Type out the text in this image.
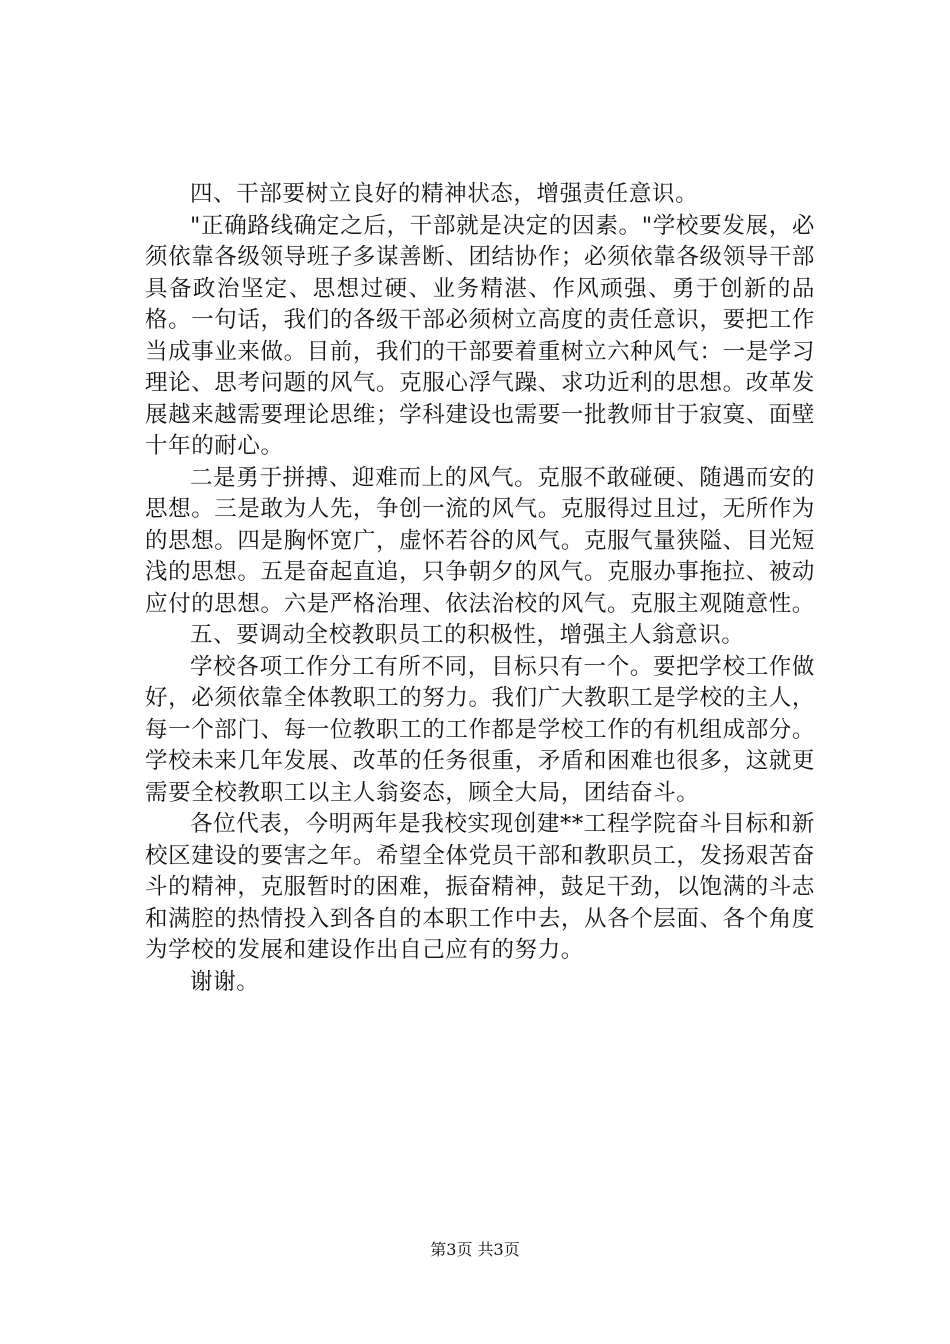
四、干部要树立良好的精神状态，增强责任意识。

"正确路线确定之后，干部就是决定的因素。"学校要发展，必须依靠各级领导班子多谋善断、团结协作；必须依靠各级领导干部具备政治坚定、思想过硬、业务精湛、作风顽强、勇于创新的品格。一句话，我们的各级干部必须树立高度的责任意识，要把工作当成事业来做。目前，我们的干部要着重树立六种风气：一是学习理论、思考问题的风气。克服心浮气躁、求功近利的思想。改革发展越来越需要理论思维；学科建设也需要一批教师甘于寂寞、面壁十年的耐心。

二是勇于拼搏、迎难而上的风气。克服不敢碰硬、随遇而安的思想。三是敢为人先，争创一流的风气。克服得过且过，无所作为的思想。四是胸怀宽广，虚怀若谷的风气。克服气量狭隘、目光短浅的思想。五是奋起直追，只争朝夕的风气。克服办事拖拉、被动应付的思想。六是严格治理、依法治校的风气。克服主观随意性。

五、要调动全校教职员工的积极性，增强主人翁意识。

学校各项工作分工有所不同，目标只有一个。要把学校工作做好，必须依靠全体教职工的努力。我们广大教职工是学校的主人，每一个部门、每一位教职工的工作都是学校工作的有机组成部分。学校未来几年发展、改革的任务很重，矛盾和困难也很多，这就更需要全校教职工以主人翁姿态，顾全大局，团结奋斗。

各位代表，今明两年是我校实现创建**工程学院奋斗目标和新校区建设的要害之年。希望全体党员干部和教职员工，发扬艰苦奋斗的精神，克服暂时的困难，振奋精神，鼓足干劲，以饱满的斗志和满腔的热情投入到各自的本职工作中去，从各个层面、各个角度为学校的发展和建设作出自己应有的努力。

谢谢。

第3页 共3页
